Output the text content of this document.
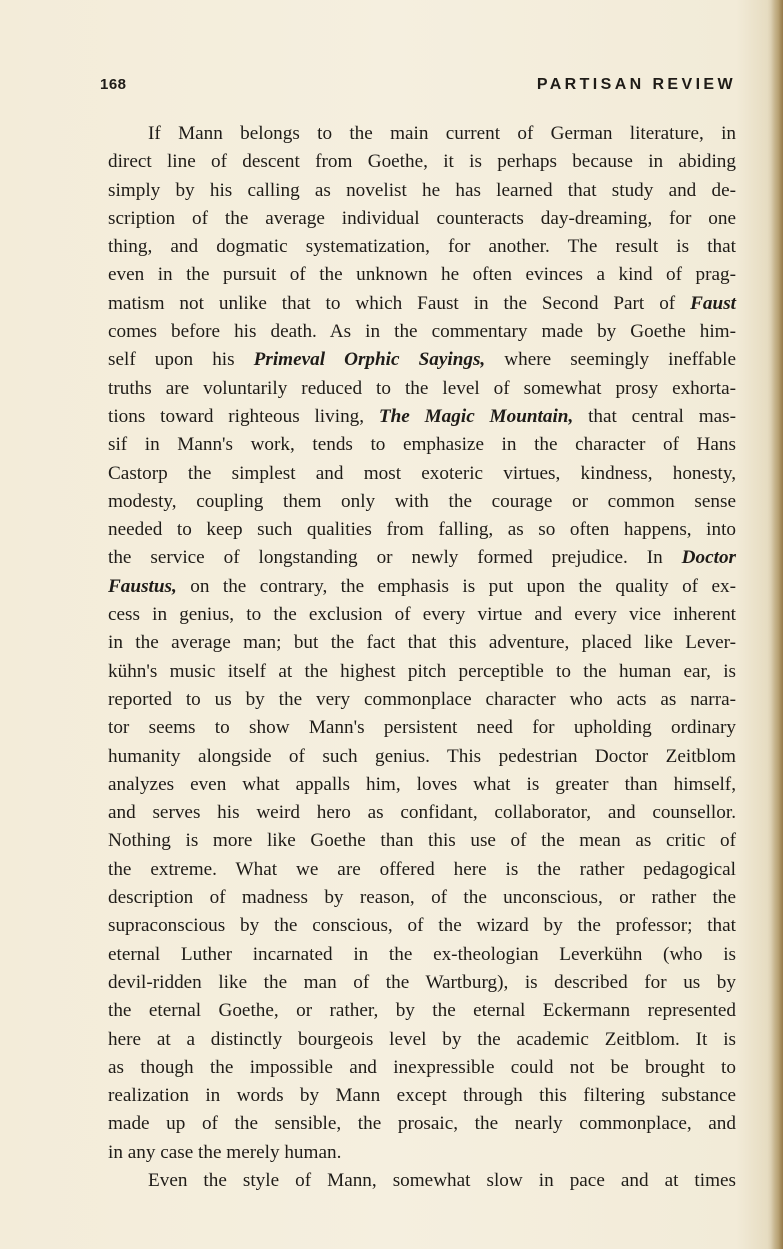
168	PARTISAN REVIEW
If Mann belongs to the main current of German literature, in
direct line of descent from Goethe, it is perhaps because in abiding
simply by his calling as novelist he has learned that study and de-
scription of the average individual counteracts day-dreaming, for one
thing, and dogmatic systematization, for another. The result is that
even in the pursuit of the unknown he often evinces a kind of prag-
matism not unlike that to which Faust in the Second Part of Faust
comes before his death. As in the commentary made by Goethe him-
self upon his Primeval Orphic Sayings, where seemingly ineffable
truths are voluntarily reduced to the level of somewhat prosy exhorta-
tions toward righteous living, The Magic Mountain, that central mas-
sif in Mann's work, tends to emphasize in the character of Hans
Castorp the simplest and most exoteric virtues, kindness, honesty,
modesty, coupling them only with the courage or common sense
needed to keep such qualities from falling, as so often happens, into
the service of longstanding or newly formed prejudice. In Doctor
Faustus, on the contrary, the emphasis is put upon the quality of ex-
cess in genius, to the exclusion of every virtue and every vice inherent
in the average man; but the fact that this adventure, placed like Lever-
kühn's music itself at the highest pitch perceptible to the human ear, is
reported to us by the very commonplace character who acts as narra-
tor seems to show Mann's persistent need for upholding ordinary
humanity alongside of such genius. This pedestrian Doctor Zeitblom
analyzes even what appalls him, loves what is greater than himself,
and serves his weird hero as confidant, collaborator, and counsellor.
Nothing is more like Goethe than this use of the mean as critic of
the extreme. What we are offered here is the rather pedagogical
description of madness by reason, of the unconscious, or rather the
supraconscious by the conscious, of the wizard by the professor; that
eternal Luther incarnated in the ex-theologian Leverkühn (who is
devil-ridden like the man of the Wartburg), is described for us by
the eternal Goethe, or rather, by the eternal Eckermann represented
here at a distinctly bourgeois level by the academic Zeitblom. It is
as though the impossible and inexpressible could not be brought to
realization in words by Mann except through this filtering substance
made up of the sensible, the prosaic, the nearly commonplace, and
in any case the merely human.
Even the style of Mann, somewhat slow in pace and at times
